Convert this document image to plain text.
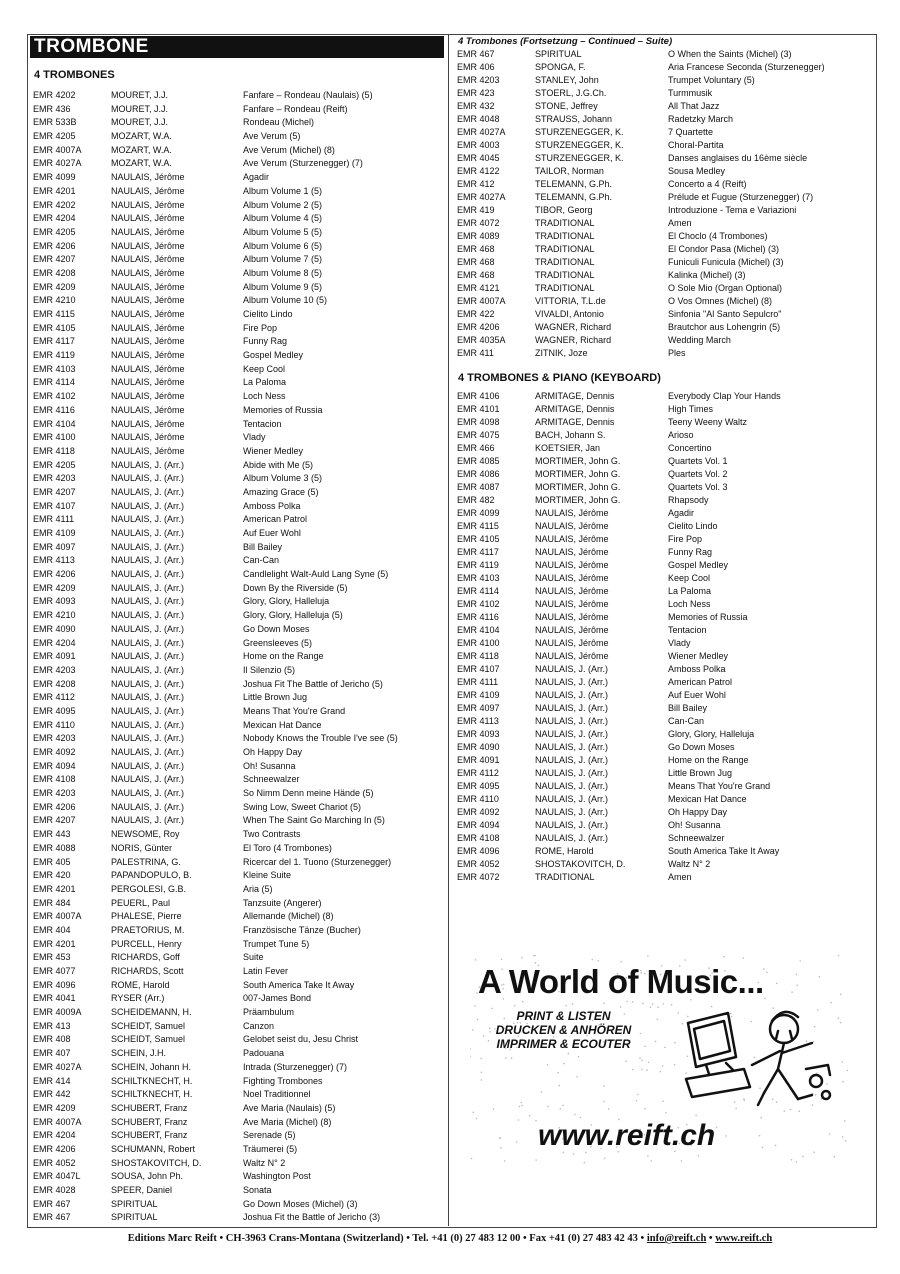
TROMBONE
4 TROMBONES
EMR 4202	MOURET, J.J.	Fanfare – Rondeau (Naulais) (5)
EMR 436	MOURET, J.J.	Fanfare – Rondeau (Reift)
EMR 533B	MOURET, J.J.	Rondeau (Michel)
EMR 4205	MOZART, W.A.	Ave Verum (5)
EMR 4007A	MOZART, W.A.	Ave Verum (Michel) (8)
EMR 4027A	MOZART, W.A.	Ave Verum (Sturzenegger) (7)
EMR 4099	NAULAIS, Jérôme	Agadir
EMR 4201	NAULAIS, Jérôme	Album Volume 1 (5)
EMR 4202	NAULAIS, Jérôme	Album Volume 2 (5)
EMR 4204	NAULAIS, Jérôme	Album Volume 4 (5)
EMR 4205	NAULAIS, Jérôme	Album Volume 5 (5)
EMR 4206	NAULAIS, Jérôme	Album Volume 6 (5)
EMR 4207	NAULAIS, Jérôme	Album Volume 7 (5)
EMR 4208	NAULAIS, Jérôme	Album Volume 8 (5)
EMR 4209	NAULAIS, Jérôme	Album Volume 9 (5)
EMR 4210	NAULAIS, Jérôme	Album Volume 10 (5)
EMR 4115	NAULAIS, Jérôme	Cielito Lindo
EMR 4105	NAULAIS, Jérôme	Fire Pop
EMR 4117	NAULAIS, Jérôme	Funny Rag
EMR 4119	NAULAIS, Jérôme	Gospel Medley
EMR 4103	NAULAIS, Jérôme	Keep Cool
EMR 4114	NAULAIS, Jérôme	La Paloma
EMR 4102	NAULAIS, Jérôme	Loch Ness
EMR 4116	NAULAIS, Jérôme	Memories of Russia
EMR 4104	NAULAIS, Jérôme	Tentacion
EMR 4100	NAULAIS, Jérôme	Vlady
EMR 4118	NAULAIS, Jérôme	Wiener Medley
EMR 4205	NAULAIS, J. (Arr.)	Abide with Me (5)
EMR 4203	NAULAIS, J. (Arr.)	Album Volume 3 (5)
EMR 4207	NAULAIS, J. (Arr.)	Amazing Grace (5)
EMR 4107	NAULAIS, J. (Arr.)	Amboss Polka
EMR 4111	NAULAIS, J. (Arr.)	American Patrol
EMR 4109	NAULAIS, J. (Arr.)	Auf Euer Wohl
EMR 4097	NAULAIS, J. (Arr.)	Bill Bailey
EMR 4113	NAULAIS, J. (Arr.)	Can-Can
EMR 4206	NAULAIS, J. (Arr.)	Candlelight Walt-Auld Lang Syne (5)
EMR 4209	NAULAIS, J. (Arr.)	Down By the Riverside (5)
EMR 4093	NAULAIS, J. (Arr.)	Glory, Glory, Halleluja
EMR 4210	NAULAIS, J. (Arr.)	Glory, Glory, Halleluja (5)
EMR 4090	NAULAIS, J. (Arr.)	Go Down Moses
EMR 4204	NAULAIS, J. (Arr.)	Greensleeves (5)
EMR 4091	NAULAIS, J. (Arr.)	Home on the Range
EMR 4203	NAULAIS, J. (Arr.)	Il Silenzio (5)
EMR 4208	NAULAIS, J. (Arr.)	Joshua Fit The Battle of Jericho (5)
EMR 4112	NAULAIS, J. (Arr.)	Little Brown Jug
EMR 4095	NAULAIS, J. (Arr.)	Means That You're Grand
EMR 4110	NAULAIS, J. (Arr.)	Mexican Hat Dance
EMR 4203	NAULAIS, J. (Arr.)	Nobody Knows the Trouble I've see (5)
EMR 4092	NAULAIS, J. (Arr.)	Oh Happy Day
EMR 4094	NAULAIS, J. (Arr.)	Oh! Susanna
EMR 4108	NAULAIS, J. (Arr.)	Schneewalzer
EMR 4203	NAULAIS, J. (Arr.)	So Nimm Denn meine Hände (5)
EMR 4206	NAULAIS, J. (Arr.)	Swing Low, Sweet Chariot (5)
EMR 4207	NAULAIS, J. (Arr.)	When The Saint Go Marching In (5)
EMR 443	NEWSOME, Roy	Two Contrasts
EMR 4088	NORIS, Günter	El Toro (4 Trombones)
EMR 405	PALESTRINA, G.	Ricercar del 1. Tuono (Sturzenegger)
EMR 420	PAPANDOPULO, B.	Kleine Suite
EMR 4201	PERGOLESI, G.B.	Aria (5)
EMR 484	PEUERL, Paul	Tanzsuite (Angerer)
EMR 4007A	PHALESE, Pierre	Allemande (Michel) (8)
EMR 404	PRAETORIUS, M.	Französische Tänze (Bucher)
EMR 4201	PURCELL, Henry	Trumpet Tune 5)
EMR 453	RICHARDS, Goff	Suite
EMR 4077	RICHARDS, Scott	Latin Fever
EMR 4096	ROME, Harold	South America Take It Away
EMR 4041	RYSER (Arr.)	007-James Bond
EMR 4009A	SCHEIDEMANN, H.	Präambulum
EMR 413	SCHEIDT, Samuel	Canzon
EMR 408	SCHEIDT, Samuel	Gelobet seist du, Jesu Christ
EMR 407	SCHEIN, J.H.	Padouana
EMR 4027A	SCHEIN, Johann H.	Intrada (Sturzenegger) (7)
EMR 414	SCHILTKNECHT, H.	Fighting Trombones
EMR 442	SCHILTKNECHT, H.	Noel Traditionnel
EMR 4209	SCHUBERT, Franz	Ave Maria (Naulais) (5)
EMR 4007A	SCHUBERT, Franz	Ave Maria (Michel) (8)
EMR 4204	SCHUBERT, Franz	Serenade (5)
EMR 4206	SCHUMANN, Robert	Träumerei (5)
EMR 4052	SHOSTAKOVITCH, D.	Waltz N° 2
EMR 4047L	SOUSA, John Ph.	Washington Post
EMR 4028	SPEER, Daniel	Sonata
EMR 467	SPIRITUAL	Go Down Moses (Michel) (3)
EMR 467	SPIRITUAL	Joshua Fit the Battle of Jericho (3)
4 Trombones (Fortsetzung – Continued – Suite)
EMR 467	SPIRITUAL	O When the Saints (Michel) (3)
EMR 406	SPONGA, F.	Aria Francese Seconda (Sturzenegger)
EMR 4203	STANLEY, John	Trumpet Voluntary (5)
EMR 423	STOERL, J.G.Ch.	Turmmusik
EMR 432	STONE, Jeffrey	All That Jazz
EMR 4048	STRAUSS, Johann	Radetzky March
EMR 4027A	STURZENEGGER, K.	7 Quartette
EMR 4003	STURZENEGGER, K.	Choral-Partita
EMR 4045	STURZENEGGER, K.	Danses anglaises du 16ème siècle
EMR 4122	TAILOR, Norman	Sousa Medley
EMR 412	TELEMANN, G.Ph.	Concerto a 4 (Reift)
EMR 4027A	TELEMANN, G.Ph.	Prélude et Fugue (Sturzenegger) (7)
EMR 419	TIBOR, Georg	Introduzione - Tema e Variazioni
EMR 4072	TRADITIONAL	Amen
EMR 4089	TRADITIONAL	El Choclo (4 Trombones)
EMR 468	TRADITIONAL	El Condor Pasa (Michel) (3)
EMR 468	TRADITIONAL	Funiculi Funicula (Michel) (3)
EMR 468	TRADITIONAL	Kalinka (Michel) (3)
EMR 4121	TRADITIONAL	O Sole Mio (Organ Optional)
EMR 4007A	VITTORIA, T.L.de	O Vos Omnes (Michel) (8)
EMR 422	VIVALDI, Antonio	Sinfonia "Al Santo Sepulcro"
EMR 4206	WAGNER, Richard	Brautchor aus Lohengrin (5)
EMR 4035A	WAGNER, Richard	Wedding March
EMR 411	ZITNIK, Joze	Ples
4 TROMBONES & PIANO (KEYBOARD)
EMR 4106	ARMITAGE, Dennis	Everybody Clap Your Hands
EMR 4101	ARMITAGE, Dennis	High Times
EMR 4098	ARMITAGE, Dennis	Teeny Weeny Waltz
EMR 4075	BACH, Johann S.	Arioso
EMR 466	KOETSIER, Jan	Concertino
EMR 4085	MORTIMER, John G.	Quartets Vol. 1
EMR 4086	MORTIMER, John G.	Quartets Vol. 2
EMR 4087	MORTIMER, John G.	Quartets Vol. 3
EMR 482	MORTIMER, John G.	Rhapsody
EMR 4099	NAULAIS, Jérôme	Agadir
EMR 4115	NAULAIS, Jérôme	Cielito Lindo
EMR 4105	NAULAIS, Jérôme	Fire Pop
EMR 4117	NAULAIS, Jérôme	Funny Rag
EMR 4119	NAULAIS, Jérôme	Gospel Medley
EMR 4103	NAULAIS, Jérôme	Keep Cool
EMR 4114	NAULAIS, Jérôme	La Paloma
EMR 4102	NAULAIS, Jérôme	Loch Ness
EMR 4116	NAULAIS, Jérôme	Memories of Russia
EMR 4104	NAULAIS, Jérôme	Tentacion
EMR 4100	NAULAIS, Jérôme	Vlady
EMR 4118	NAULAIS, Jérôme	Wiener Medley
EMR 4107	NAULAIS, J. (Arr.)	Amboss Polka
EMR 4111	NAULAIS, J. (Arr.)	American Patrol
EMR 4109	NAULAIS, J. (Arr.)	Auf Euer Wohl
EMR 4097	NAULAIS, J. (Arr.)	Bill Bailey
EMR 4113	NAULAIS, J. (Arr.)	Can-Can
EMR 4093	NAULAIS, J. (Arr.)	Glory, Glory, Halleluja
EMR 4090	NAULAIS, J. (Arr.)	Go Down Moses
EMR 4091	NAULAIS, J. (Arr.)	Home on the Range
EMR 4112	NAULAIS, J. (Arr.)	Little Brown Jug
EMR 4095	NAULAIS, J. (Arr.)	Means That You're Grand
EMR 4110	NAULAIS, J. (Arr.)	Mexican Hat Dance
EMR 4092	NAULAIS, J. (Arr.)	Oh Happy Day
EMR 4094	NAULAIS, J. (Arr.)	Oh! Susanna
EMR 4108	NAULAIS, J. (Arr.)	Schneewalzer
EMR 4096	ROME, Harold	South America Take It Away
EMR 4052	SHOSTAKOVITCH, D.	Waltz N° 2
EMR 4072	TRADITIONAL	Amen
A World of Music...
PRINT & LISTEN
DRUCKEN & ANHÖREN
IMPRIMER & ECOUTER
www.reift.ch
Editions Marc Reift • CH-3963 Crans-Montana (Switzerland) • Tel. +41 (0) 27 483 12 00 • Fax +41 (0) 27 483 42 43 • info@reift.ch • www.reift.ch
